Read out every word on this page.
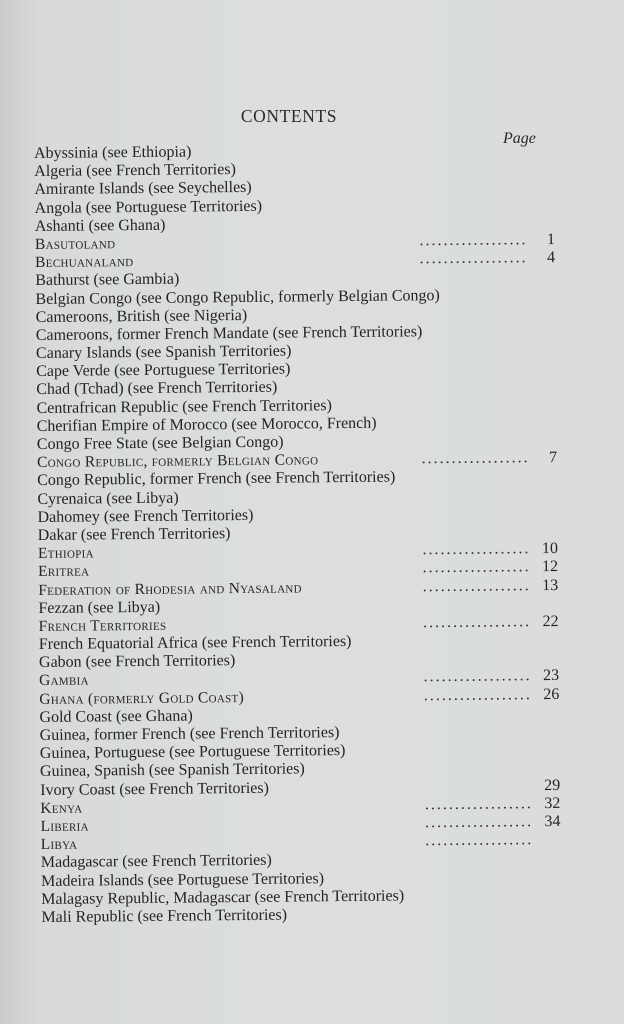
CONTENTS
Page
Abyssinia (see Ethiopia)
Algeria (see French Territories)
Amirante Islands (see Seychelles)
Angola (see Portuguese Territories)
Ashanti (see Ghana)
Basutoland	. . . . . . . . . . . . . . . . . .	1
Bechuanaland	. . . . . . . . . . . . . . . . . .	4
Bathurst (see Gambia)
Belgian Congo (see Congo Republic, formerly Belgian Congo)
Cameroons, British (see Nigeria)
Cameroons, former French Mandate (see French Territories)
Canary Islands (see Spanish Territories)
Cape Verde (see Portuguese Territories)
Chad (Tchad) (see French Territories)
Centrafrican Republic (see French Territories)
Cherifian Empire of Morocco (see Morocco, French)
Congo Free State (see Belgian Congo)
Congo Republic, formerly Belgian Congo	. . . . . . . . . . . . . . . . . .	7
Congo Republic, former French (see French Territories)
Cyrenaica (see Libya)
Dahomey (see French Territories)
Dakar (see French Territories)
Ethiopia	. . . . . . . . . . . . . . . . . . 10
Eritrea	. . . . . . . . . . . . . . . . . . 12
Federation of Rhodesia and Nyasaland	. . . . . . . . . . . . . . . . . . 13
Fezzan (see Libya)
French Territories	. . . . . . . . . . . . . . . . . . 22
French Equatorial Africa (see French Territories)
Gabon (see French Territories)
Gambia	. . . . . . . . . . . . . . . . . . 23
Ghana (formerly Gold Coast)	. . . . . . . . . . . . . . . . . . 26
Gold Coast (see Ghana)
Guinea, former French (see French Territories)
Guinea, Portuguese (see Portuguese Territories)
Guinea, Spanish (see Spanish Territories)
Ivory Coast (see French Territories)	29
Kenya	. . . . . . . . . . . . . . . . . . 32
Liberia	. . . . . . . . . . . . . . . . . . 34
Libya	. . . . . . . . . . . . . . . . . .
Madagascar (see French Territories)
Madeira Islands (see Portuguese Territories)
Malagasy Republic, Madagascar (see French Territories)
Mali Republic (see French Territories)
